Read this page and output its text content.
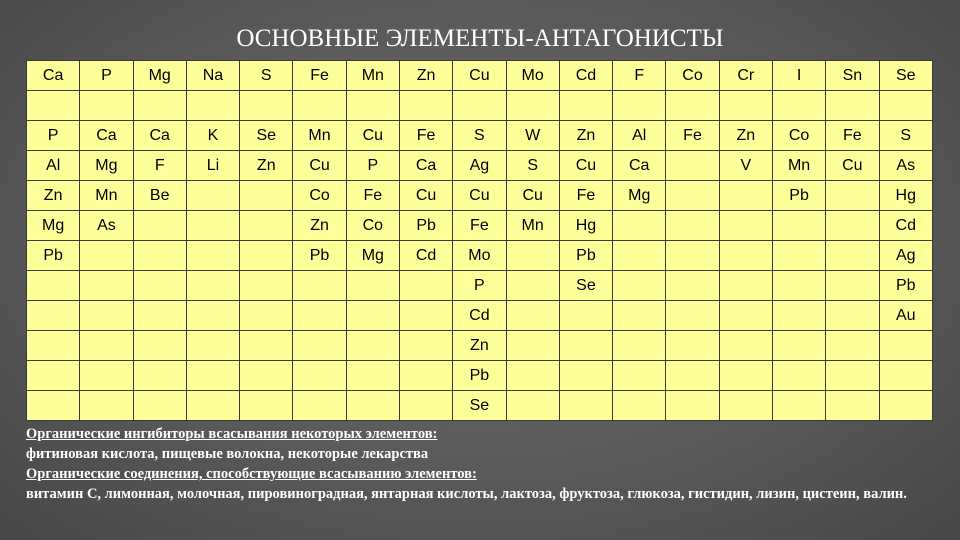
ОСНОВНЫЕ ЭЛЕМЕНТЫ-АНТАГОНИСТЫ
Ca	P	Mg	Na	S	Fe	Mn	Zn	Cu	Mo	Cd	F	Co	Cr	I	Sn	Se

P	Ca	Ca	K	Se	Mn	Cu	Fe	S	W	Zn	Al	Fe	Zn	Co	Fe	S
Al	Mg	F	Li	Zn	Cu	P	Ca	Ag	S	Cu	Ca		V	Mn	Cu	As
Zn	Mn	Be			Co	Fe	Cu	Cu	Cu	Fe	Mg			Pb		Hg
Mg	As				Zn	Co	Pb	Fe	Mn	Hg						Cd
Pb					Pb	Mg	Cd	Mo		Pb						Ag
								P		Se						Pb
								Cd								Au
								Zn								
								Pb								
								Se								
Органические ингибиторы всасывания некоторых элементов:
фитиновая кислота, пищевые волокна, некоторые лекарства
Органические соединения, способствующие всасыванию элементов:
витамин С, лимонная, молочная, пировиноградная, янтарная кислоты, лактоза, фруктоза, глюкоза, гистидин, лизин, цистеин, валин.
